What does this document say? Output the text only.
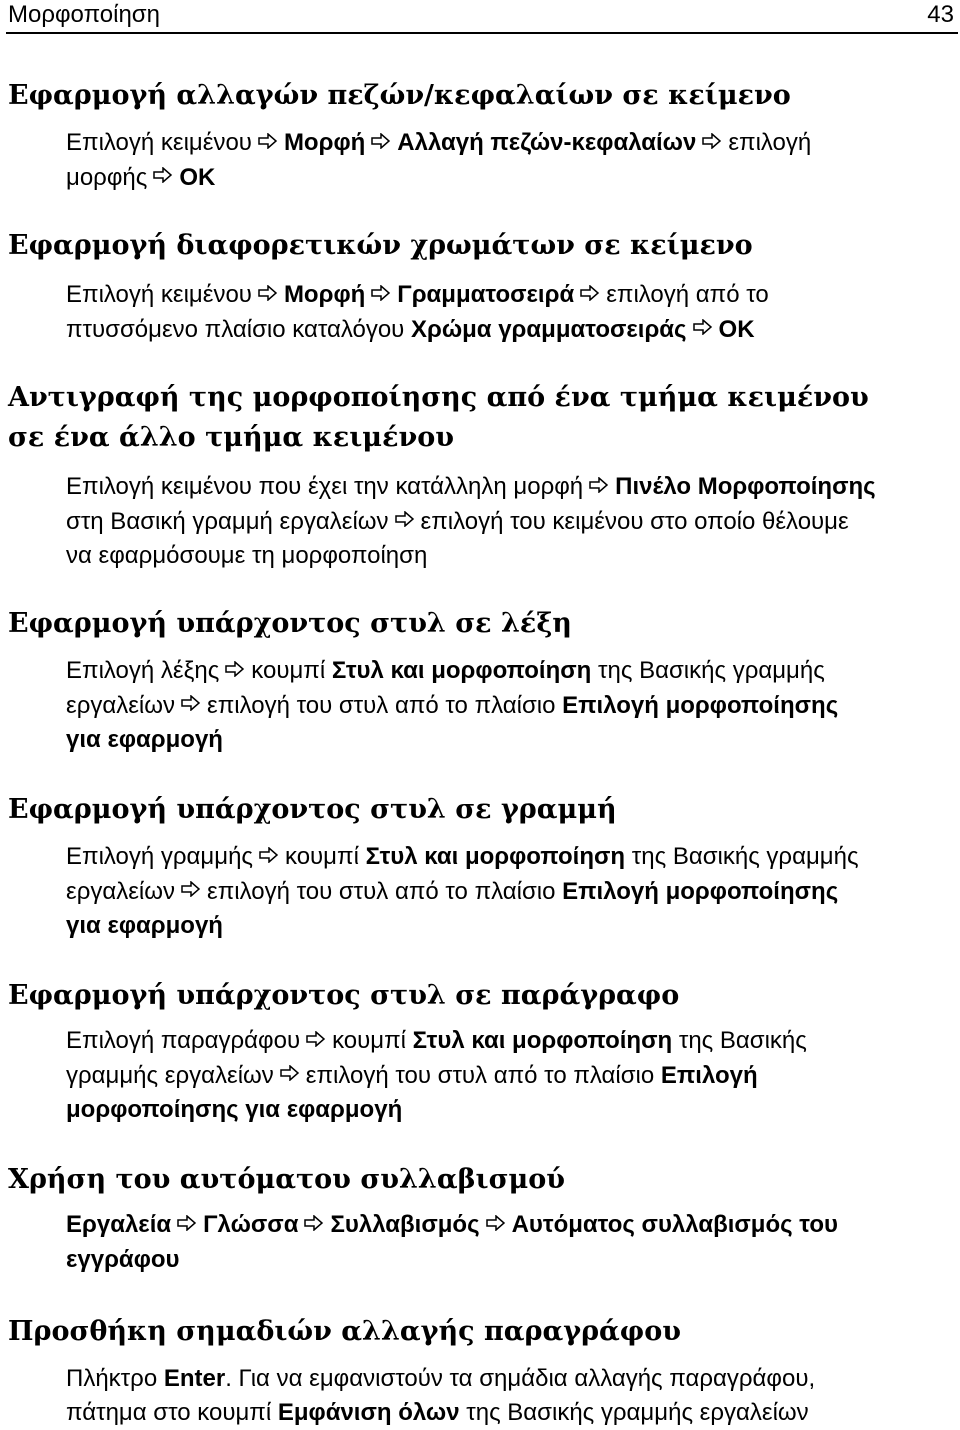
Μορφοποίηση	43
Εφαρμογή αλλαγών πεζών/κεφαλαίων σε κείμενο
Επιλογή κειμένου Μορφή Αλλαγή πεζών-κεφαλαίων επιλογή
μορφής OK
Εφαρμογή διαφορετικών χρωμάτων σε κείμενο
Επιλογή κειμένου Μορφή Γραμματοσειρά επιλογή από το
πτυσσόμενο πλαίσιο καταλόγου Χρώμα γραμματοσειράς OK
Αντιγραφή της μορφοποίησης από ένα τμήμα κειμένου
σε ένα άλλο τμήμα κειμένου
Επιλογή κειμένου που έχει την κατάλληλη μορφή Πινέλο Μορφοποίησης
στη Βασική γραμμή εργαλείων επιλογή του κειμένου στο οποίο θέλουμε
να εφαρμόσουμε τη μορφοποίηση
Εφαρμογή υπάρχοντος στυλ σε λέξη
Επιλογή λέξης κουμπί Στυλ και μορφοποίηση της Βασικής γραμμής
εργαλείων επιλογή του στυλ από το πλαίσιο Επιλογή μορφοποίησης
για εφαρμογή
Εφαρμογή υπάρχοντος στυλ σε γραμμή
Επιλογή γραμμής κουμπί Στυλ και μορφοποίηση της Βασικής γραμμής
εργαλείων επιλογή του στυλ από το πλαίσιο Επιλογή μορφοποίησης
για εφαρμογή
Εφαρμογή υπάρχοντος στυλ σε παράγραφο
Επιλογή παραγράφου κουμπί Στυλ και μορφοποίηση της Βασικής
γραμμής εργαλείων επιλογή του στυλ από το πλαίσιο Επιλογή
μορφοποίησης για εφαρμογή
Χρήση του αυτόματου συλλαβισμού
Εργαλεία Γλώσσα Συλλαβισμός Αυτόματος συλλαβισμός του
εγγράφου
Προσθήκη σημαδιών αλλαγής παραγράφου
Πλήκτρο Enter. Για να εμφανιστούν τα σημάδια αλλαγής παραγράφου,
πάτημα στο κουμπί Εμφάνιση όλων της Βασικής γραμμής εργαλείων
